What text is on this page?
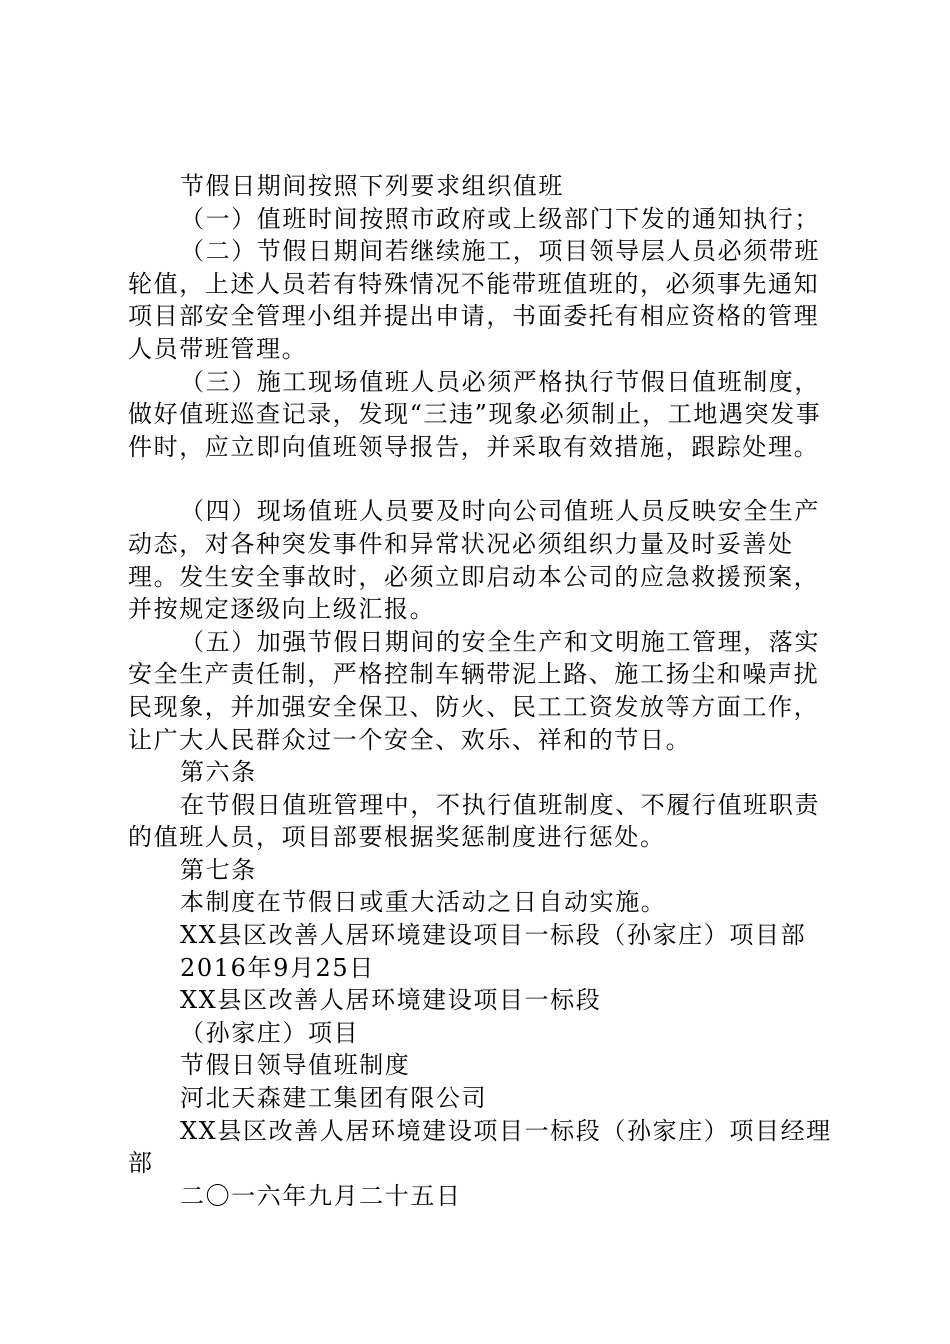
节假日期间按照下列要求组织值班

（一）值班时间按照市政府或上级部门下发的通知执行；

（二）节假日期间若继续施工，项目领导层人员必须带班轮值，上述人员若有特殊情况不能带班值班的，必须事先通知项目部安全管理小组并提出申请，书面委托有相应资格的管理人员带班管理。

（三）施工现场值班人员必须严格执行节假日值班制度，做好值班巡查记录，发现“三违”现象必须制止，工地遇突发事件时，应立即向值班领导报告，并采取有效措施，跟踪处理。

（四）现场值班人员要及时向公司值班人员反映安全生产动态，对各种突发事件和异常状况必须组织力量及时妥善处理。发生安全事故时，必须立即启动本公司的应急救援预案，并按规定逐级向上级汇报。

（五）加强节假日期间的安全生产和文明施工管理，落实安全生产责任制，严格控制车辆带泥上路、施工扬尘和噪声扰民现象，并加强安全保卫、防火、民工工资发放等方面工作，让广大人民群众过一个安全、欢乐、祥和的节日。

第六条

在节假日值班管理中，不执行值班制度、不履行值班职责的值班人员，项目部要根据奖惩制度进行惩处。

第七条

本制度在节假日或重大活动之日自动实施。

XX县区改善人居环境建设项目一标段（孙家庄）项目部

2016年9月25日

XX县区改善人居环境建设项目一标段

（孙家庄）项目

节假日领导值班制度

河北天森建工集团有限公司

XX县区改善人居环境建设项目一标段（孙家庄）项目经理部

二〇一六年九月二十五日
